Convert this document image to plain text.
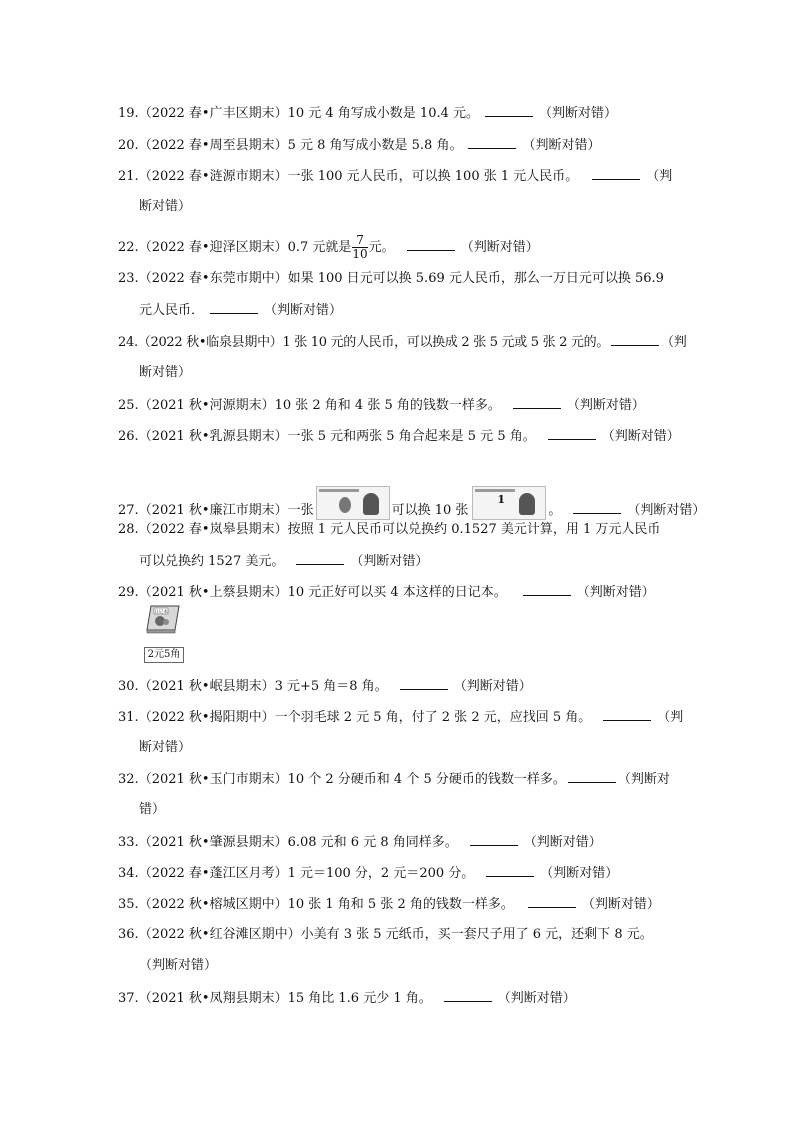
19.（2022 春•广丰区期末）10 元 4 角写成小数是 10.4 元。	（判断对错）
20.（2022 春•周至县期末）5 元 8 角写成小数是 5.8 角。	（判断对错）
21.（2022 春•涟源市期末）一张 100 元人民币，可以换 100 张 1 元人民币。	（判
断对错）
22.（2022 春•迎泽区期末）0.7 元就是 $\frac{7}{10}$ 元。	（判断对错）
23.（2022 春•东莞市期中）如果 100 日元可以换 5.69 元人民币，那么一万日元可以换 56.9
元人民币．	（判断对错）
24.（2022 秋•临泉县期中）1 张 10 元的人民币，可以换成 2 张 5 元或 5 张 2 元的。	（判
断对错）
25.（2021 秋•河源期末）10 张 2 角和 4 张 5 角的钱数一样多。	（判断对错）
26.（2021 秋•乳源县期末）一张 5 元和两张 5 角合起来是 5 元 5 角。	（判断对错）
27.（2021 秋•廉江市期末）一张	可以换 10 张
1
。	（判断对错）
28.（2022 春•岚皋县期末）按照 1 元人民币可以兑换约 0.1527 美元计算，用 1 万元人民币
可以兑换约 1527 美元。	（判断对错）
29.（2021 秋•上蔡县期末）10 元正好可以买 4 本这样的日记本。	（判断对错）
日记本
2元5角
30.（2021 秋•岷县期末）3 元+5 角＝8 角。	（判断对错）
31.（2022 秋•揭阳期中）一个羽毛球 2 元 5 角，付了 2 张 2 元，应找回 5 角。	（判
断对错）
32.（2021 秋•玉门市期末）10 个 2 分硬币和 4 个 5 分硬币的钱数一样多。	（判断对
错）
33.（2021 秋•肇源县期末）6.08 元和 6 元 8 角同样多。	（判断对错）
34.（2022 春•蓬江区月考）1 元＝100 分，2 元＝200 分。	（判断对错）
35.（2022 秋•榕城区期中）10 张 1 角和 5 张 2 角的钱数一样多。	（判断对错）
36.（2022 秋•红谷滩区期中）小美有 3 张 5 元纸币，买一套尺子用了 6 元，还剩下 8 元。
（判断对错）
37.（2021 秋•凤翔县期末）15 角比 1.6 元少 1 角。	（判断对错）
